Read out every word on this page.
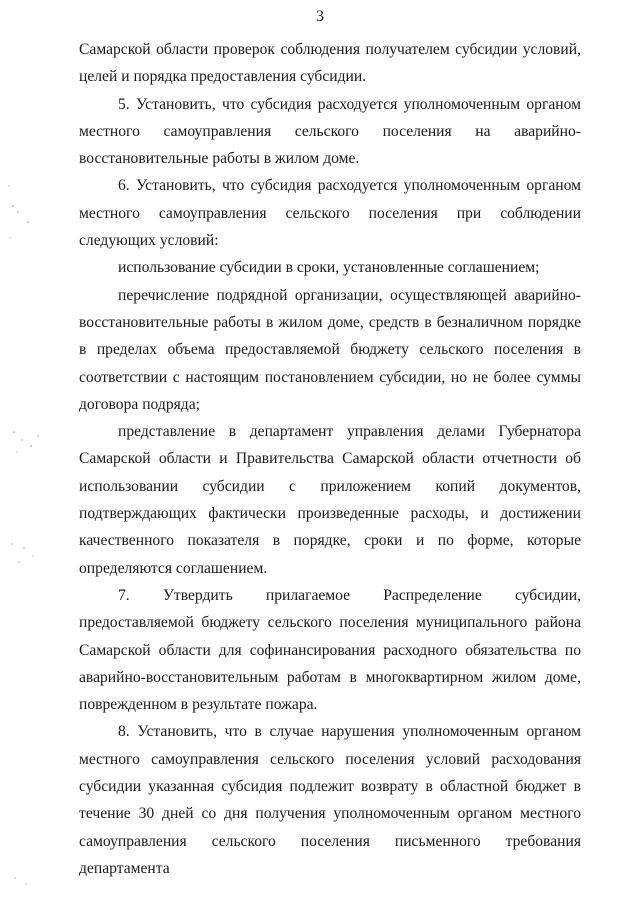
3

Самарской области проверок соблюдения получателем субсидии условий, целей и порядка предоставления субсидии.

5. Установить, что субсидия расходуется уполномоченным органом местного самоуправления сельского поселения на аварийно-восстановительные работы в жилом доме.

6. Установить, что субсидия расходуется уполномоченным органом местного самоуправления сельского поселения при соблюдении следующих условий:

использование субсидии в сроки, установленные соглашением;

перечисление подрядной организации, осуществляющей аварийно-восстановительные работы в жилом доме, средств в безналичном порядке в пределах объема предоставляемой бюджету сельского поселения в соответствии с настоящим постановлением субсидии, но не более суммы договора подряда;

представление в департамент управления делами Губернатора Самарской области и Правительства Самарской области отчетности об использовании субсидии с приложением копий документов, подтверждающих фактически произведенные расходы, и достижении качественного показателя в порядке, сроки и по форме, которые определяются соглашением.

7. Утвердить прилагаемое Распределение субсидии, предоставляемой бюджету сельского поселения муниципального района Самарской области для софинансирования расходного обязательства по аварийно-восстановительным работам в многоквартирном жилом доме, поврежденном в результате пожара.

8. Установить, что в случае нарушения уполномоченным органом местного самоуправления сельского поселения условий расходования субсидии указанная субсидия подлежит возврату в областной бюджет в течение 30 дней со дня получения уполномоченным органом местного самоуправления сельского поселения письменного требования департамента
